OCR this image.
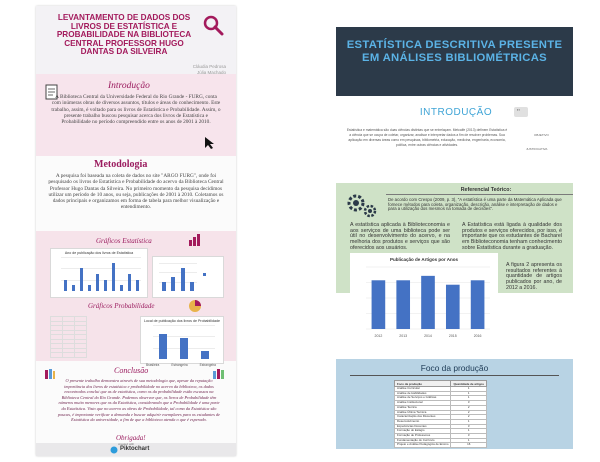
LEVANTAMENTO DE DADOS DOS LIVROS DE ESTATÍSTICA E PROBABILIDADE NA BIBLIOTECA CENTRAL PROFESSOR HUGO DANTAS DA SILVEIRA
Cláudia Pedrosa
Júlia Machado
Introdução
A Biblioteca Central da Universidade Federal do Rio Grande - FURG, conta com inúmeras obras de diversos assuntos, títulos e áreas do conhecimento. Este trabalho, assim, é voltado para os livros de Estatística e Probabilidade. Assim, o presente trabalho buscou pesquisar acerca dos livros de Estatística e Probabilidade no período compreendido entre os anos de 2001 à 2010.
Metodologia
A pesquisa foi baseada na coleta de dados no site "ARGO FURG", onde foi pesquisado os livros de Estatística e Probabilidade do acervo da Biblioteca Central Professor Hugo Dantas da Silveira. No primeiro momento da pesquisa decidimos utilizar um período de 10 anos, ou seja, publicações de 2001 à 2010. Coletamos os dados principais e organizamos em forma de tabela para melhor visualização e entendimento.
Gráficos Estatística
Ano de publicação dos livros de Estatística
Gráficos Probabilidade

Local de publicação dos livros de Probabilidade
Brasileira	Estrangeira	Estrangeira
Conclusão
O presente trabalho demonstra através de sua metodologia que, apesar da reputação importância dos livros de estatística e probabilidade no acervo da biblioteca, os dados encontrados conclui que as de estatística, como os da probabilidade estão escassos na Biblioteca Central do Rio Grande. Podemos observar que, os livros de Probabilidade têm números muito menores que os da Estatística, considerando que a Probabilidade é uma parte da Estatística. Visto que no acervo as obras de Probabilidade, tal como da Estatística são poucas, é importante verificar a demanda e buscar adquirir exemplares para os estudantes de Estatística da universidade, a fim de que a biblioteca atenda o que é esperado.
Obrigada!
created with
Piktochart
ESTATÍSTICA DESCRITIVA PRESENTE EM ANÁLISES BIBLIOMÉTRICAS
INTRODUÇÃO	"
OBJETIVO
JUSTIFICATIVA
Estatística e matemática são duas ciências distintas que se entrelaçam. Metcalfe (2013) definem Estatística é a ciência que se ocupa de coletar, organizar, analisar e interpretar dados a fim de resolver problemas. Sua aplicação em diversas áreas como em pesquisas, bibliometria, educação, medicina, engenharia, economia, política, entre outras ciências e atividades.
Referencial Teórico:
De acordo com Crespo (2009, p. 3), "A estatística é uma parte da Matemática Aplicada que fornece métodos para coleta, organização, descrição, análise e interpretação de dados e para a utilização dos mesmos na tomada de decisões".
A estatística aplicada à Biblioteconomia e aos serviços de uma biblioteca pode ser útil no desenvolvimento do acervo, e na melhoria dos produtos e serviços que são oferecidos aos usuários.
A Estatística está ligada à qualidade dos produtos e serviços oferecidos, por isso, é importante que os estudantes de Bacharel em Biblioteconomia tenham conhecimento sobre Estatística durante a graduação.
Publicação de Artigos por Anos
2012	2013	2014	2015	2016
A figura 2 apresenta os resultados referentes à quantidade de artigos publicados por ano, de 2012 a 2016.
Foco da produção
Foco da produção	Quantidade de artigos
Análise Curricular	1
Análise de Habilidades	1
Análise de Serviços e Gráficas	1
Análise Institucional	3
Análise Teórica	2
Análise Última Técnica	2
Caracterização dos Discentes	2
Desenvolvimento	1
Experiências Docentes	3
Formação do Estágio	1
Formação de Professores	3
Fundamentação do Currículo	1
Projeto e Análise Pedagógica de Ensino	16
